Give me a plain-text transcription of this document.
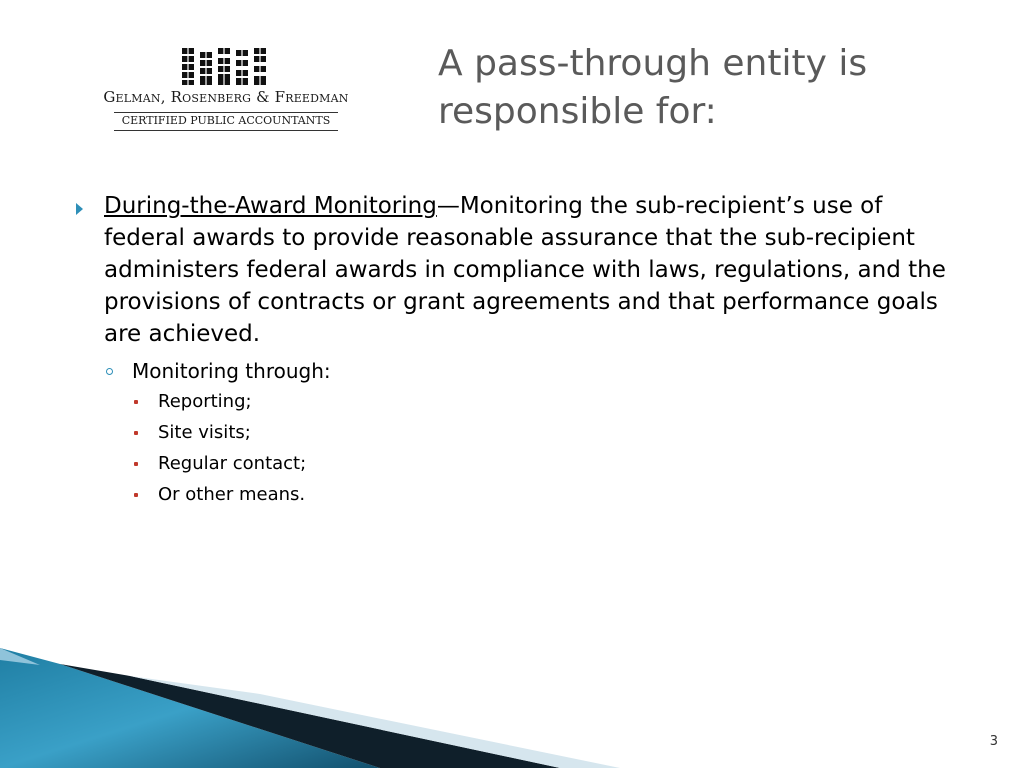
Gelman, Rosenberg & Freedman
CERTIFIED PUBLIC ACCOUNTANTS
A pass-through entity is responsible for:
During-the-Award Monitoring—Monitoring the sub-recipient’s use of federal awards to provide reasonable assurance that the sub-recipient administers federal awards in compliance with laws, regulations, and the provisions of contracts or grant agreements and that performance goals are achieved.
Monitoring through:
Reporting;
Site visits;
Regular contact;
Or other means.
3
